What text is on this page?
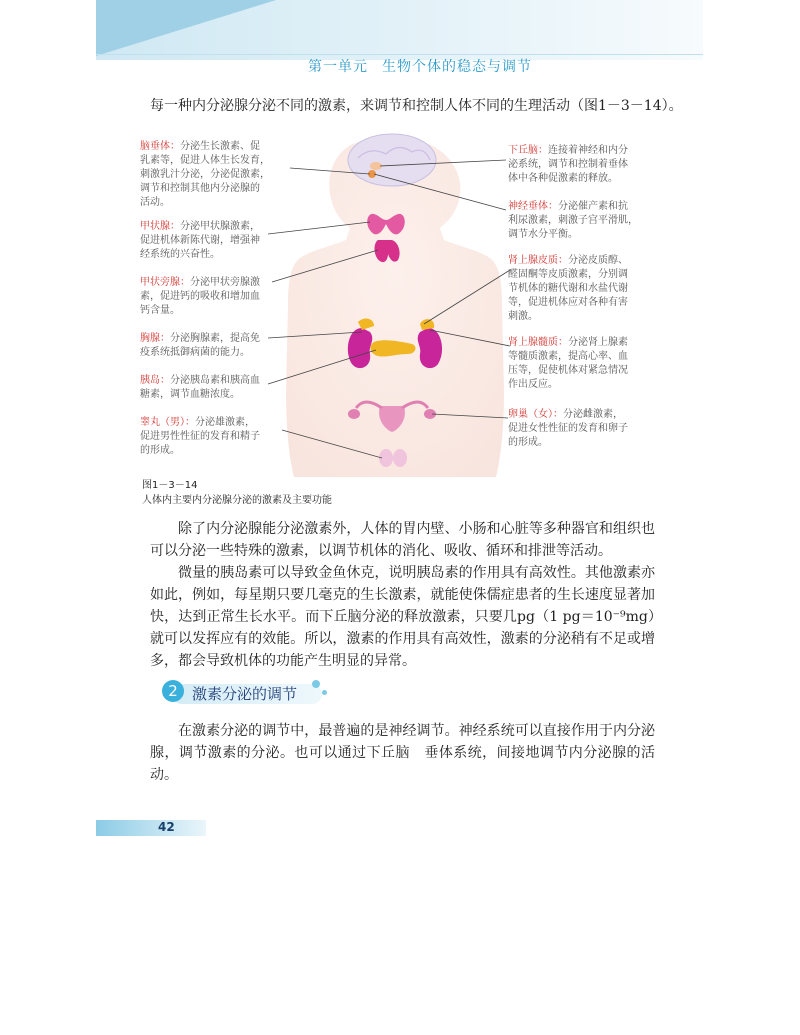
第一单元 生物个体的稳态与调节
每一种内分泌腺分泌不同的激素，来调节和控制人体不同的生理活动（图1－3－14）。
脑垂体：分泌生长激素、促
乳素等，促进人体生长发育，
刺激乳汁分泌，分泌促激素，
调节和控制其他内分泌腺的
活动。
甲状腺：分泌甲状腺激素，
促进机体新陈代谢，增强神
经系统的兴奋性。
甲状旁腺：分泌甲状旁腺激
素，促进钙的吸收和增加血
钙含量。
胸腺：分泌胸腺素，提高免
疫系统抵御病菌的能力。
胰岛：分泌胰岛素和胰高血
糖素，调节血糖浓度。
睾丸（男）：分泌雄激素，
促进男性性征的发育和精子
的形成。
下丘脑：连接着神经和内分
泌系统，调节和控制着垂体
体中各种促激素的释放。
神经垂体：分泌催产素和抗
利尿激素，刺激子宫平滑肌，
调节水分平衡。
肾上腺皮质：分泌皮质醇、
醛固酮等皮质激素，分别调
节机体的糖代谢和水盐代谢
等，促进机体应对各种有害
刺激。
肾上腺髓质：分泌肾上腺素
等髓质激素，提高心率、血
压等，促使机体对紧急情况
作出反应。
卵巢（女）：分泌雌激素，
促进女性性征的发育和卵子
的形成。
图1－3－14
人体内主要内分泌腺分泌的激素及主要功能
除了内分泌腺能分泌激素外，人体的胃内壁、小肠和心脏等多种器官和组织也可以分泌一些特殊的激素，以调节机体的消化、吸收、循环和排泄等活动。
微量的胰岛素可以导致金鱼休克，说明胰岛素的作用具有高效性。其他激素亦如此，例如，每星期只要几毫克的生长激素，就能使侏儒症患者的生长速度显著加快，达到正常生长水平。而下丘脑分泌的释放激素，只要几pg（1 pg＝10⁻⁹mg）就可以发挥应有的效能。所以，激素的作用具有高效性，激素的分泌稍有不足或增多，都会导致机体的功能产生明显的异常。
2 激素分泌的调节
在激素分泌的调节中，最普遍的是神经调节。神经系统可以直接作用于内分泌腺，调节激素的分泌。也可以通过下丘脑　垂体系统，间接地调节内分泌腺的活动。
42
